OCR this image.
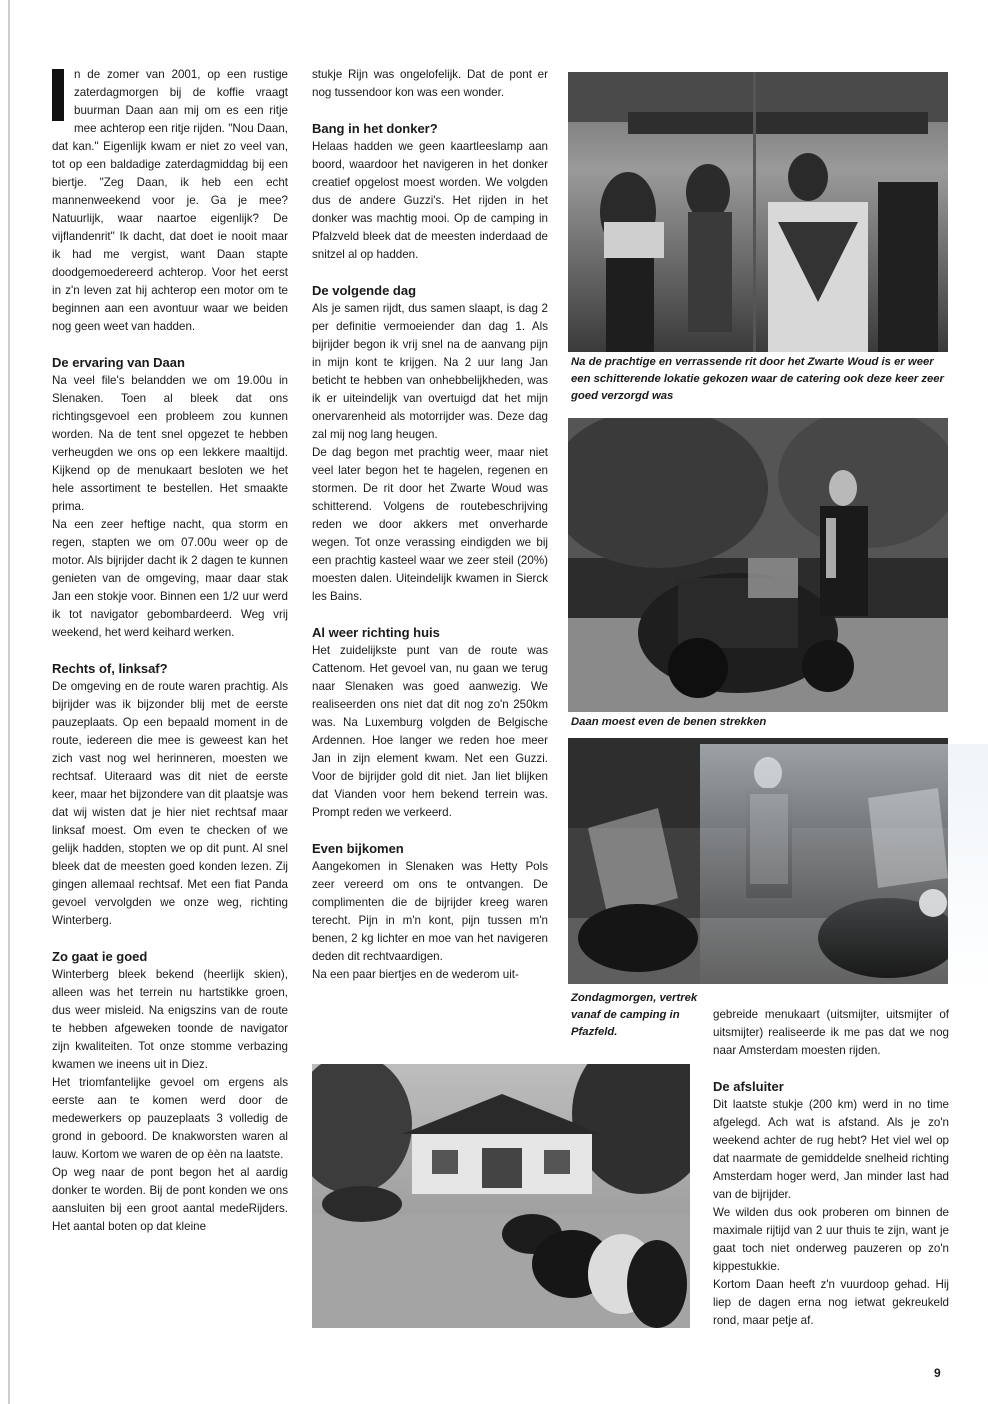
n de zomer van 2001, op een rustige zaterdagmorgen bij de koffie vraagt buurman Daan aan mij om es een ritje mee achterop een ritje rijden. "Nou Daan, dat kan." Eigenlijk kwam er niet zo veel van, tot op een baldadige zaterdagmiddag bij een biertje. "Zeg Daan, ik heb een echt mannenweekend voor je. Ga je mee? Natuurlijk, waar naartoe eigenlijk? De vijflandenrit" Ik dacht, dat doet ie nooit maar ik had me vergist, want Daan stapte doodgemoedereerd achterop. Voor het eerst in z'n leven zat hij achterop een motor om te beginnen aan een avontuur waar we beiden nog geen weet van hadden.

De ervaring van Daan

Na veel file's belandden we om 19.00u in Slenaken. Toen al bleek dat ons richtingsgevoel een probleem zou kunnen worden. Na de tent snel opgezet te hebben verheugden we ons op een lekkere maaltijd. Kijkend op de menukaart besloten we het hele assortiment te bestellen. Het smaakte prima.

Na een zeer heftige nacht, qua storm en regen, stapten we om 07.00u weer op de motor. Als bijrijder dacht ik 2 dagen te kunnen genieten van de omgeving, maar daar stak Jan een stokje voor. Binnen een 1/2 uur werd ik tot navigator gebombardeerd. Weg vrij weekend, het werd keihard werken.

Rechts of, linksaf?

De omgeving en de route waren prachtig. Als bijrijder was ik bijzonder blij met de eerste pauzeplaats. Op een bepaald moment in de route, iedereen die mee is geweest kan het zich vast nog wel herinneren, moesten we rechtsaf. Uiteraard was dit niet de eerste keer, maar het bijzondere van dit plaatsje was dat wij wisten dat je hier niet rechtsaf maar linksaf moest. Om even te checken of we gelijk hadden, stopten we op dit punt. Al snel bleek dat de meesten goed konden lezen. Zij gingen allemaal rechtsaf. Met een fiat Panda gevoel vervolgden we onze weg, richting Winterberg.

Zo gaat ie goed

Winterberg bleek bekend (heerlijk skien), alleen was het terrein nu hartstikke groen, dus weer misleid. Na enigszins van de route te hebben afgeweken toonde de navigator zijn kwaliteiten. Tot onze stomme verbazing kwamen we ineens uit in Diez.

Het triomfantelijke gevoel om ergens als eerste aan te komen werd door de medewerkers op pauzeplaats 3 volledig de grond in geboord. De knakworsten waren al lauw. Kortom we waren de op èèn na laatste.

Op weg naar de pont begon het al aardig donker te worden. Bij de pont konden we ons aansluiten bij een groot aantal medeRijders. Het aantal boten op dat kleine

stukje Rijn was ongelofelijk. Dat de pont er nog tussendoor kon was een wonder.

Bang in het donker?

Helaas hadden we geen kaartleeslamp aan boord, waardoor het navigeren in het donker creatief opgelost moest worden. We volgden dus de andere Guzzi's. Het rijden in het donker was machtig mooi. Op de camping in Pfalzveld bleek dat de meesten inderdaad de snitzel al op hadden.

De volgende dag

Als je samen rijdt, dus samen slaapt, is dag 2 per definitie vermoeiender dan dag 1. Als bijrijder begon ik vrij snel na de aanvang pijn in mijn kont te krijgen. Na 2 uur lang Jan beticht te hebben van onhebbelijkheden, was ik er uiteindelijk van overtuigd dat het mijn onervarenheid als motorrijder was. Deze dag zal mij nog lang heugen.

De dag begon met prachtig weer, maar niet veel later begon het te hagelen, regenen en stormen. De rit door het Zwarte Woud was schitterend. Volgens de routebeschrijving reden we door akkers met onverharde wegen. Tot onze verassing eindigden we bij een prachtig kasteel waar we zeer steil (20%) moesten dalen. Uiteindelijk kwamen in Sierck les Bains.

Al weer richting huis

Het zuidelijkste punt van de route was Cattenom. Het gevoel van, nu gaan we terug naar Slenaken was goed aanwezig. We realiseerden ons niet dat dit nog zo'n 250km was. Na Luxemburg volgden de Belgische Ardennen. Hoe langer we reden hoe meer Jan in zijn element kwam. Net een Guzzi. Voor de bijrijder gold dit niet. Jan liet blijken dat Vianden voor hem bekend terrein was. Prompt reden we verkeerd.

Even bijkomen

Aangekomen in Slenaken was Hetty Pols zeer vereerd om ons te ontvangen. De complimenten die de bijrijder kreeg waren terecht. Pijn in m'n kont, pijn tussen m'n benen, 2 kg lichter en moe van het navigeren deden dit rechtvaardigen.

Na een paar biertjes en de wederom uit-

gebreide menukaart (uitsmijter, uitsmijter of uitsmijter) realiseerde ik me pas dat we nog naar Amsterdam moesten rijden.

De afsluiter

Dit laatste stukje (200 km) werd in no time afgelegd. Ach wat is afstand. Als je zo'n weekend achter de rug hebt? Het viel wel op dat naarmate de gemiddelde snelheid richting Amsterdam hoger werd, Jan minder last had van de bijrijder.

We wilden dus ook proberen om binnen de maximale rijtijd van 2 uur thuis te zijn, want je gaat toch niet onderweg pauzeren op zo'n kippestukkie.

Kortom Daan heeft z'n vuurdoop gehad. Hij liep de dagen erna nog ietwat gekreukeld rond, maar petje af.

Na de prachtige en verrassende rit door het Zwarte Woud is er weer een schitterende lokatie gekozen waar de catering ook deze keer zeer goed verzorgd was
Daan moest even de benen strekken
Zondagmorgen, vertrek vanaf de camping in Pfazfeld.
9
